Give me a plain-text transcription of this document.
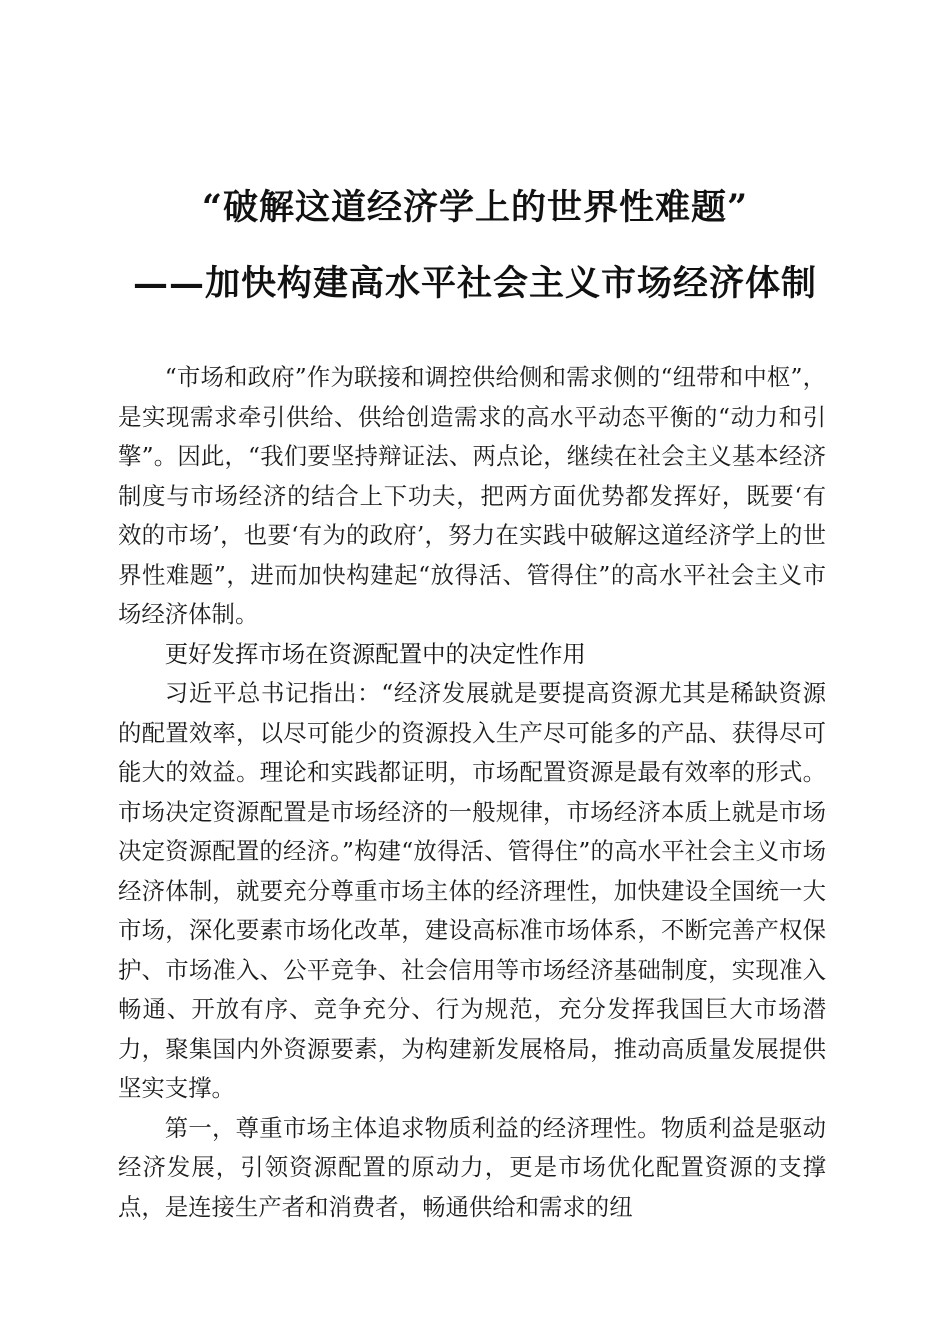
“破解这道经济学上的世界性难题”
——加快构建高水平社会主义市场经济体制

“市场和政府”作为联接和调控供给侧和需求侧的“纽带和中枢”，是实现需求牵引供给、供给创造需求的高水平动态平衡的“动力和引擎”。因此，“我们要坚持辩证法、两点论，继续在社会主义基本经济制度与市场经济的结合上下功夫，把两方面优势都发挥好，既要‘有效的市场’，也要‘有为的政府’，努力在实践中破解这道经济学上的世界性难题”，进而加快构建起“放得活、管得住”的高水平社会主义市场经济体制。

更好发挥市场在资源配置中的决定性作用

习近平总书记指出：“经济发展就是要提高资源尤其是稀缺资源的配置效率，以尽可能少的资源投入生产尽可能多的产品、获得尽可能大的效益。理论和实践都证明，市场配置资源是最有效率的形式。市场决定资源配置是市场经济的一般规律，市场经济本质上就是市场决定资源配置的经济。”构建“放得活、管得住”的高水平社会主义市场经济体制，就要充分尊重市场主体的经济理性，加快建设全国统一大市场，深化要素市场化改革，建设高标准市场体系，不断完善产权保护、市场准入、公平竞争、社会信用等市场经济基础制度，实现准入畅通、开放有序、竞争充分、行为规范，充分发挥我国巨大市场潜力，聚集国内外资源要素，为构建新发展格局，推动高质量发展提供坚实支撑。

第一，尊重市场主体追求物质利益的经济理性。物质利益是驱动经济发展，引领资源配置的原动力，更是市场优化配置资源的支撑点，是连接生产者和消费者，畅通供给和需求的纽
